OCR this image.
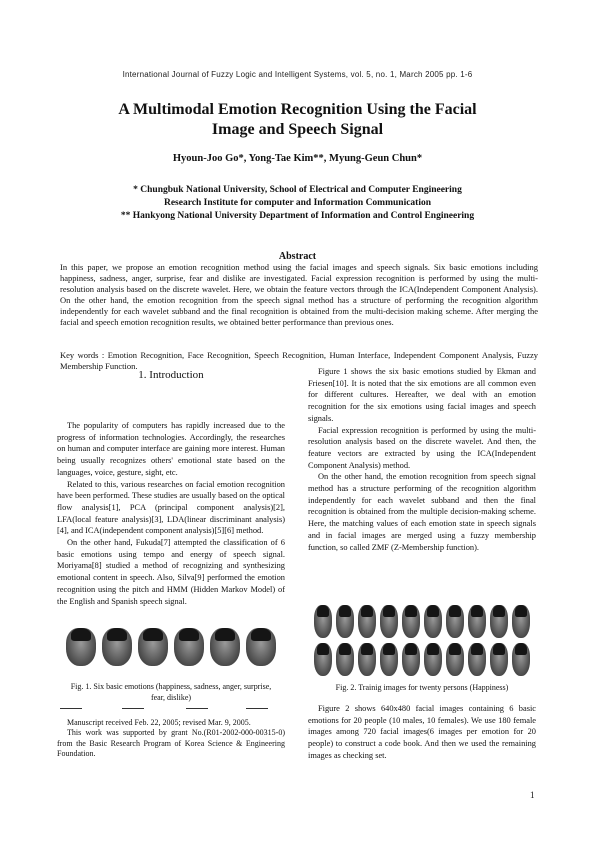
International Journal of Fuzzy Logic and Intelligent Systems, vol. 5, no. 1, March 2005 pp. 1-6
A Multimodal Emotion Recognition Using the Facial
Image and Speech Signal
Hyoun-Joo Go*, Yong-Tae Kim**, Myung-Geun Chun*
* Chungbuk National University, School of Electrical and Computer Engineering
Research Institute for computer and Information Communication
** Hankyong National University Department of Information and Control Engineering
Abstract
In this paper, we propose an emotion recognition method using the facial images and speech signals. Six basic emotions including happiness, sadness, anger, surprise, fear and dislike are investigated. Facial expression recognition is performed by using the multi-resolution analysis based on the discrete wavelet. Here, we obtain the feature vectors through the ICA(Independent Component Analysis). On the other hand, the emotion recognition from the speech signal method has a structure of performing the recognition algorithm independently for each wavelet subband and the final recognition is obtained from the multi-decision making scheme. After merging the facial and speech emotion recognition results, we obtained better performance than previous ones.
Key words : Emotion Recognition, Face Recognition, Speech Recognition, Human Interface, Independent Component Analysis, Fuzzy Membership Function.
1. Introduction

The popularity of computers has rapidly increased due to the progress of information technologies. Accordingly, the researches on human and computer interface are gaining more interest. Human being usually recognizes others' emotional state based on the languages, voice, gesture, sight, etc.

Related to this, various researches on facial emotion recognition have been performed. These studies are usually based on the optical flow analysis[1], PCA (principal component analysis)[2], LFA(local feature analysis)[3], LDA(linear discriminant analysis)[4], and ICA(independent component analysis)[5][6] method.

On the other hand, Fukuda[7] attempted the classification of 6 basic emotions using tempo and energy of speech signal. Moriyama[8] studied a method of recognizing and synthesizing emotional content in speech. Also, Silva[9] performed the emotion recognition using the pitch and HMM (Hidden Markov Model) of the English and Spanish speech signal.

Fig. 1. Six basic emotions (happiness, sadness, anger, surprise,
fear, dislike)

Manuscript received Feb. 22, 2005; revised Mar. 9, 2005.

This work was supported by grant No.(R01-2002-000-00315-0) from the Basic Research Program of Korea Science & Engineering Foundation.

Figure 1 shows the six basic emotions studied by Ekman and Friesen[10]. It is noted that the six emotions are all common even for different cultures. Hereafter, we deal with an emotion recognition for the six emotions using facial images and speech signals.

Facial expression recognition is performed by using the multi-resolution analysis based on the discrete wavelet. And then, the feature vectors are extracted by using the ICA(Independent Component Analysis) method.

On the other hand, the emotion recognition from speech signal method has a structure performing of the recognition algorithm independently for each wavelet subband and then the final recognition is obtained from the multiple decision-making scheme. Here, the matching values of each emotion state in speech signals and in facial images are merged using a fuzzy membership function, so called ZMF (Z-Membership function).

Fig. 2. Trainig images for twenty persons (Happiness)

Figure 2 shows 640x480 facial images containing 6 basic emotions for 20 people (10 males, 10 females). We use 180 female images among 720 facial images(6 images per emotion for 20 people) to construct a code book. And then we used the remaining images as checking set.

1
